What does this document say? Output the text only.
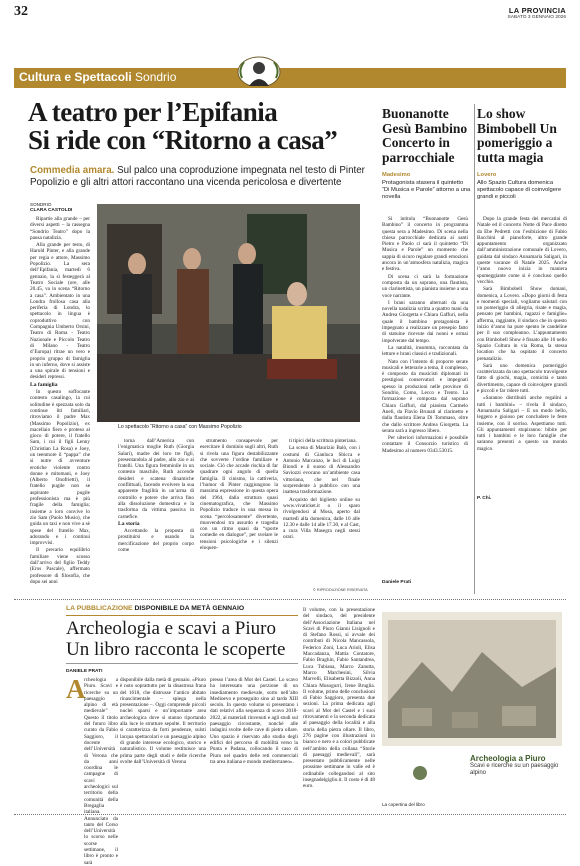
32	LA PROVINCIA
SABATO 3 GENNAIO 2026
Cultura e Spettacoli Sondrio
A teatro per l’Epifania
Si ride con “Ritorno a casa”
Commedia amara. Sul palco una coproduzione impegnata nel testo di Pinter Popolizio e gli altri attori raccontano una vicenda pericolosa e divertente
SONDRIO
CLARA CASTOLDI

Ripartie alla grande – per diversi aspetti – la rassegna “Sondrio Teatro” dopo la pausa natalizia.

Alla grande per testo, di Harold Pinter, e alla grande per regia e attore, Massimo Popolizio. La sera dell’Epifania, martedì 6 gennaio, la sì festeggerà al Teatro Sociale (ore, alle 20.45, va in scena “Ritorno a casa”. Ambientato in una Londra frollosa casa alla periferia di Londra, lo spettacolo in lingua è coproduttivo con Compagnia Umberto Orsini, Teatro di Roma - Teatro Nazionale e Piccolo Teatro di Milano - Teatro d’Europa) ritrae un vero e proprio gruppo di famiglia in un inferno, dove si assiste a una spirale di tensioni e desideri repressi.

La famiglia

In questo soffocante contesto casalingo, la cui solitudine è spezzata solo da continue liti familiari, ritroviamo il padre Max (Massimo Popolizio), ex macellaio fiero e proteso al gioco di potere, il fratello Sam, i cui il figli Lenny (Christian La Rosa) e Joey, un teenmore il “pappa” che si nutre di avventure erotiche violente contro donne e mitomani, e Joey (Alberto Onofrietti), il fratello pugile non se aspirante pugile professionista ma è più fragile della famiglia; insieme a loro convive lo zio Sam (Paolo Musio), che guida un taxi e non vive a sè spese del fratello Max, adorando e i continui improvvisi.

Il precario equilibrio familiare viene scosso dall’arrivo del figlio Teddy (Eros Pascale), affermato professore di filosofia, che dopo sei anni

Lo spettacolo “Ritorno a casa” con Massimo Popolizio

torna dall’America con l’enigmatica moglie Ruth (Giorgia Salari), madre dei loro tre figli, presentandola al padre, allo zio e ai fratelli. Una figura femminile in un contesto maschile, Ruth accende desideri e scatena dinamiche conflittuali, facendo evolvere la sua apparente fragilità in un’arma di controllo e potere che arriva fino alla dissoluzione domestica e la trasforma da vittima passiva in carnefice.

La storia

Accettando la proposta di prostituirsi e usando la mercificazione del proprio corpo come

strumento consapevole per esercitare il dominio sugli altri, Ruth si rivela una figura destabilizzante che sovverte l’ordine familiare e sociale. Ciò che accade rischia di far quadrare ogni angolo di quella famiglia. Il cinismo, la cattiveria, l’humor di Pinter raggiungono la massima espressione in questa opera del 1964, dalla struttura quasi cinematografica, che Massimo Popolizio traduce in una messa in scena “percolosamente” divertente, muovendosi tra assurdo e tragedia con un ritmo quasi da “sporte comedie en dialogue”, per svelare le tensioni psicologiche e i silenzi eloquen-

ti tipici della scrittura pinteriana.

La scena di Maurizio Balò, con i costumi di Gianluca Sbicca e Antonio Marcanzo, le luci di Luigi Biondi e il suono di Alessandro Saviozzi evocano un’ambiente casa vittoriana, che nel finale sorprendente à pubblico con una inattesa trasformazione.

Acquisto del biglietto online su www.vivaticket.it o il sparo rivolgendosi al Mosa, aperto dal martedì alla domenica, dalle 10 alle 12.30 e dalle 14 alle 17.30, e al Cast, a cura Villa Masegra negli stessi orari.

© RIPRODUZIONE RISERVATA
Buonanotte Gesù Bambino Concerto in parrocchiale
Madesimo
Protagonista stasera il quintetto “Di Musica e Parole” attorno a una novella

Si intitola “Buonanotte Gesù Bambino” il concerto in programma questa sera a Madesimo. Di scena nella chiesa parrocchiale dedicata ai santi Pietro e Paolo ci sarà il quintetto “Di Musica e Parole” un momento che sappia di sicuro regalare grandi emozioni ancora in un’atmosfera natalizia, magica e festiva.

Di scena ci sarà la formazione composta da un soprano, una flautista, un clarinettista, un pianista insieme a una voce narrante.

I brani saranno alternati da una novella natalizia scritta a quattro mani da Andrea Giorgetta e Chiara Gaffuri, nella quale il bambino protagonista è impegnato a realizzare un presepio fatto di statuine ricevute dai nonni e ormai impolverate dal tempo.

La natalità, insomma, raccontata da letture e brani classici e tradizionali.

Nato con l’intento di proporre serate musicali e letterarie a tema, il complesso, è composto da musicisti diplomati in prestigiosi conservatori e impegnati spesso in produzioni nelle province di Sondrio, Como, Lecco e Trento. La formazione è composta dal soprano Chiara Gaffuri, dal pianista Carmelo Aneli, da Flavio Brunati al clarinetto e dalla flautista Elena Di Tommaso, oltre che dallo scrittore Andrea Giorgetta. La serata sarà a ingresso libero.

Per ulteriori informazioni è possibile contattare il Consorzio turistico di Madesimo al numero 0343.53015.

Daniele Prati
Lo show Bimbobell Un pomeriggio a tutta magia
Lovero
Allo Spazio Cultura domenica spettacolo capace di coinvolgere grandi e piccoli

Dopo la grande festa dei mercatini di Natale ed il concerto Notte di Pace diretto da Ebe Pedretti con l’esibizione di Fabio Bacchini al pianoforte, altro grande appuntamento organizzato dall’amministrazione comunale di Lovero, guidata dal sindaco Annamaria Saligari, in queste vacanze di Natale 2025. Anche l’anno nuovo inizia in maniera spumeggiante come si è concluso quello vecchio.

Sarà Bimbobell Show domani, domenica, a Lovero. «Dopo giorni di festa e momenti speciali, vogliamo salutari con un pomeriggio di allegria, risate e magia, pensato per bambini, ragazzi e famiglie» afferma, raggiante, il sindaco che in questo inizio d’anno ha pure spento le candeline per il suo compleanno. L’appuntamento con Bimbobell Show è fissato alle 16 nello Spazio Cultura in via Roma, la stessa location che ha ospitato il concerto prenatalizio.

Sarà uno domenica pomeriggio caratterizzata da uno spettacolo travolgente fatto di giochi, magia, comicità e tanto divertimento, capace di coinvolgere grandi e piccoli e far ridere tutti.

«Saranno distribuiti anche regalini a tutti i bambini» – rivela il sindaco, Annamaria Saligari – E un modo bello, leggero e gioioso per concludere le feste insieme, con il sorriso. Aspettiamo tutti. Gli appuntamenti stupiranno: bibite per tutti i bambini e le loro famiglie che saranno presenti a questo un mondo magico.

P. Chi.
LA PUBBLICAZIONE DISPONIBILE DA METÀ GENNAIO
Archeologia e scavi a Piuro
Un libro racconta le scoperte
DANIELE PRATI
A

rcheologia a Piuro. Scavi e ricerche su un paesaggio alpino di età medievale” Questo il titolo del futuro libro curato da Fabio Saggioro, il docente dell’Università di Verona che da anni coordina le campagne di scavi archeologici sul territorio della comunità della Bregaglia italiana. Annunciato da tanto del Corso dell’Università lo scorso nelle scorse settimane, il libro è pronto e sarà

disponibile dalla metà di gennaio. «Piuro è noto soprattutto per la disastrosa frana del 1618, che distrusse l’antico abitato rinascimentale – spiega nella presentazione –. Oggi comprende piccoli nuclei sparsi e un’importante area archeologica dove si stanno riportando alla luce le strutture sepolte. Il territorio si caratterizza da forti pendenze, sulsti lacqua spettacolari e un paesaggio alpino di grande interesse ecologico, storico e naturalistico. Il volume restituisce una prima parte degli studi e delle ricerche svolte dall’Università di Verona

presso l’area di Mot del Castel. Lo scavo ha interessato una porzione di un insediamento medievale, sorto nell’alto Medioevo e proseguito sino al tardo XIII secolo. In questo volume si presentano i dati relativi alla sequenza di scavo 2018-2022, ai materiali rinvenuti e agli studi sul paesaggio circostante, nonché alle indagini svolte delle cave di pietra ollare. Uno spazio è riservato allo studio degli edifici del percorso di mobilità verso la Punta e Padana, collocando il caso di Piuro nel quadro delle reti commerciali tra area italiana e mondo mediterraneo».

Il volume, con la presentazione del sindaco, del presidente dell’Associazione Italiana nel Scavi di Piuro Gianni Lisignoli e di Stefano Rossi, si avvale dei contributi di Nicola Mancassola, Federico Zoni, Luca Arioli, Elisa Maccadanza, Mattia Contatore, Fabio Braghin, Fabio Santandrea, Luca Tubiana, Marco Zanutta, Marco Marchesini, Silvia Marvelli, Elisabetta Bizzoli, Anna Chiara Musogurri, Irene Bruglia. Il volume, primo delle conclusioni di Fabio Saggioro, presenta due sezioni. La prima dedicata agli scavi al Mot del Castel e i suoi ritrovamenti e la seconda dedicata al paesaggio della località e alla storia della pietra ollare. Il libro, 276 pagine con illustrazioni in bianco e nero e a colori pubblicate nell’ambito della collana “Storie di paesaggi medievali”, sarà presentato pubblicamente nelle prossime settimane in valle ed è ordinabile collegandosi al sito insegnadelgiglio.it. Il costo è di 48 euro.

Archeologia a Piuro
Scavi e ricerche su un paesaggio alpino
La copertina del libro
